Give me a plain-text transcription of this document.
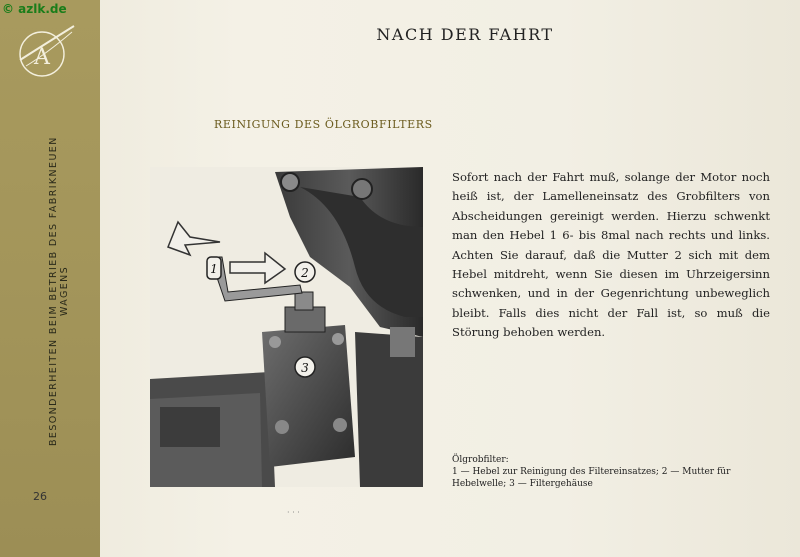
A
BESONDERHEITEN BEIM BETRIEB DES FABRIKNEUEN WAGENS
26
© azlk.de
NACH DER FAHRT
REINIGUNG DES ÖLGROBFILTERS
1	2
3
Sofort nach der Fahrt muß, solange der Motor noch heiß ist, der Lamelleneinsatz des Grobfilters von Abscheidungen gereinigt werden. Hierzu schwenkt man den Hebel 1 6- bis 8mal nach rechts und links. Achten Sie darauf, daß die Mutter 2 sich mit dem Hebel mitdreht, wenn Sie diesen im Uhrzeigersinn schwenken, und in der Gegenrichtung unbeweglich bleibt. Falls dies nicht der Fall ist, so muß die Störung behoben werden.
Ölgrobfilter:
1 — Hebel zur Reinigung des Filtereinsatzes; 2 — Mutter für Hebelwelle; 3 — Filtergehäuse
· · ·
